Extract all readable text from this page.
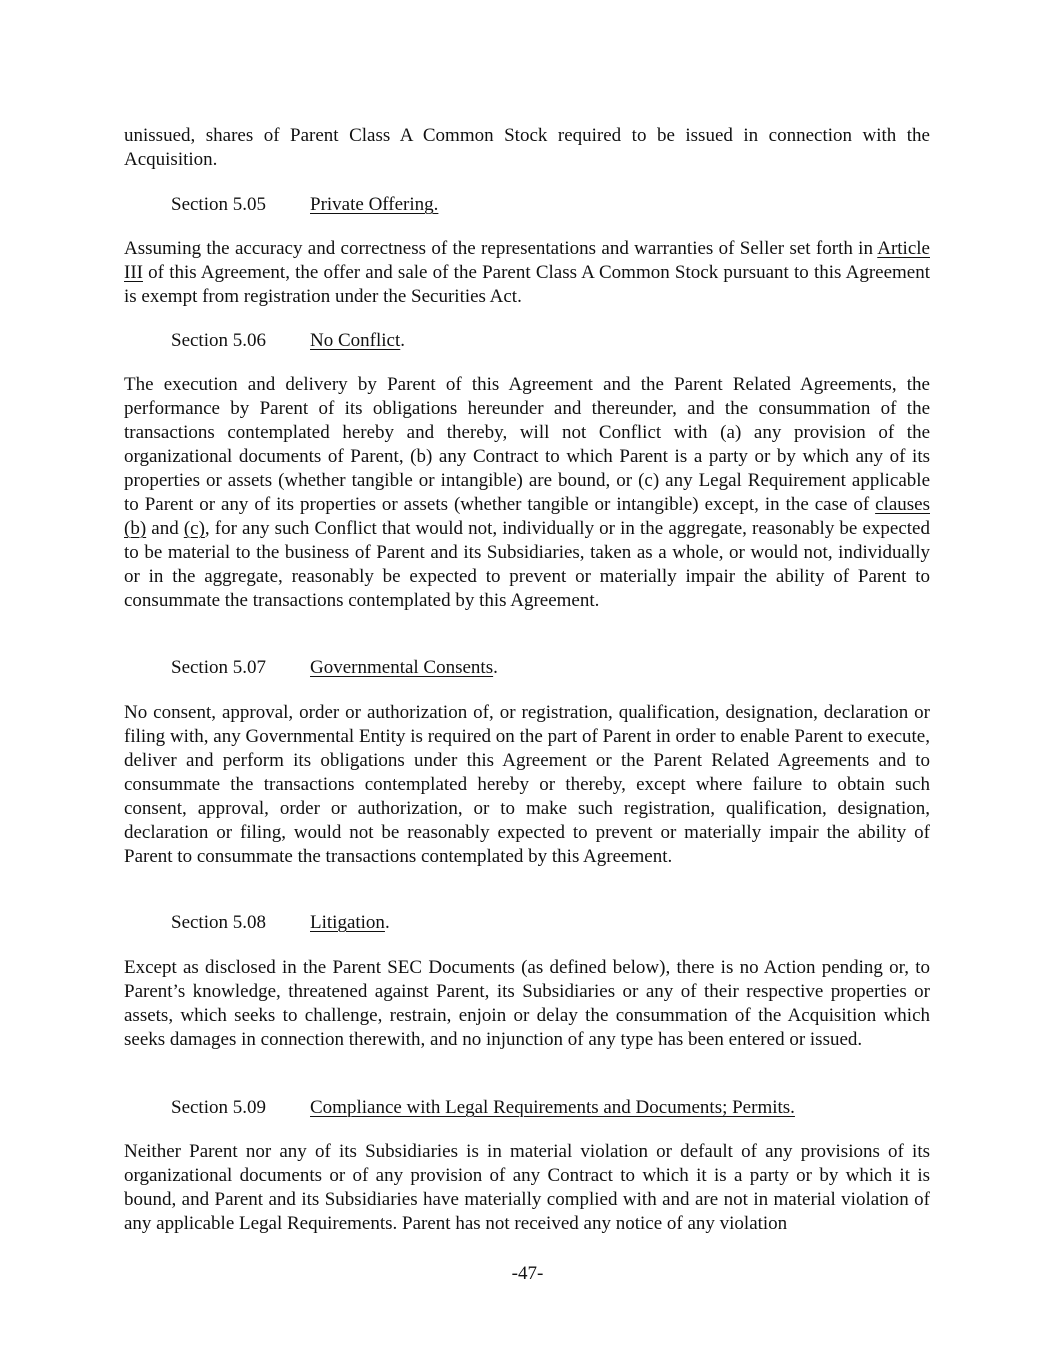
unissued, shares of Parent Class A Common Stock required to be issued in connection with the Acquisition.

Section 5.05 Private Offering.

Assuming the accuracy and correctness of the representations and warranties of Seller set forth in Article III of this Agreement, the offer and sale of the Parent Class A Common Stock pursuant to this Agreement is exempt from registration under the Securities Act.

Section 5.06 No Conflict.

The execution and delivery by Parent of this Agreement and the Parent Related Agreements, the performance by Parent of its obligations hereunder and thereunder, and the consummation of the transactions contemplated hereby and thereby, will not Conflict with (a) any provision of the organizational documents of Parent, (b) any Contract to which Parent is a party or by which any of its properties or assets (whether tangible or intangible) are bound, or (c) any Legal Requirement applicable to Parent or any of its properties or assets (whether tangible or intangible) except, in the case of clauses (b) and (c), for any such Conflict that would not, individually or in the aggregate, reasonably be expected to be material to the business of Parent and its Subsidiaries, taken as a whole, or would not, individually or in the aggregate, reasonably be expected to prevent or materially impair the ability of Parent to consummate the transactions contemplated by this Agreement.

Section 5.07 Governmental Consents.

No consent, approval, order or authorization of, or registration, qualification, designation, declaration or filing with, any Governmental Entity is required on the part of Parent in order to enable Parent to execute, deliver and perform its obligations under this Agreement or the Parent Related Agreements and to consummate the transactions contemplated hereby or thereby, except where failure to obtain such consent, approval, order or authorization, or to make such registration, qualification, designation, declaration or filing, would not be reasonably expected to prevent or materially impair the ability of Parent to consummate the transactions contemplated by this Agreement.

Section 5.08 Litigation.

Except as disclosed in the Parent SEC Documents (as defined below), there is no Action pending or, to Parent’s knowledge, threatened against Parent, its Subsidiaries or any of their respective properties or assets, which seeks to challenge, restrain, enjoin or delay the consummation of the Acquisition which seeks damages in connection therewith, and no injunction of any type has been entered or issued.

Section 5.09 Compliance with Legal Requirements and Documents; Permits.

Neither Parent nor any of its Subsidiaries is in material violation or default of any provisions of its organizational documents or of any provision of any Contract to which it is a party or by which it is bound, and Parent and its Subsidiaries have materially complied with and are not in material violation of any applicable Legal Requirements. Parent has not received any notice of any violation

-47-
